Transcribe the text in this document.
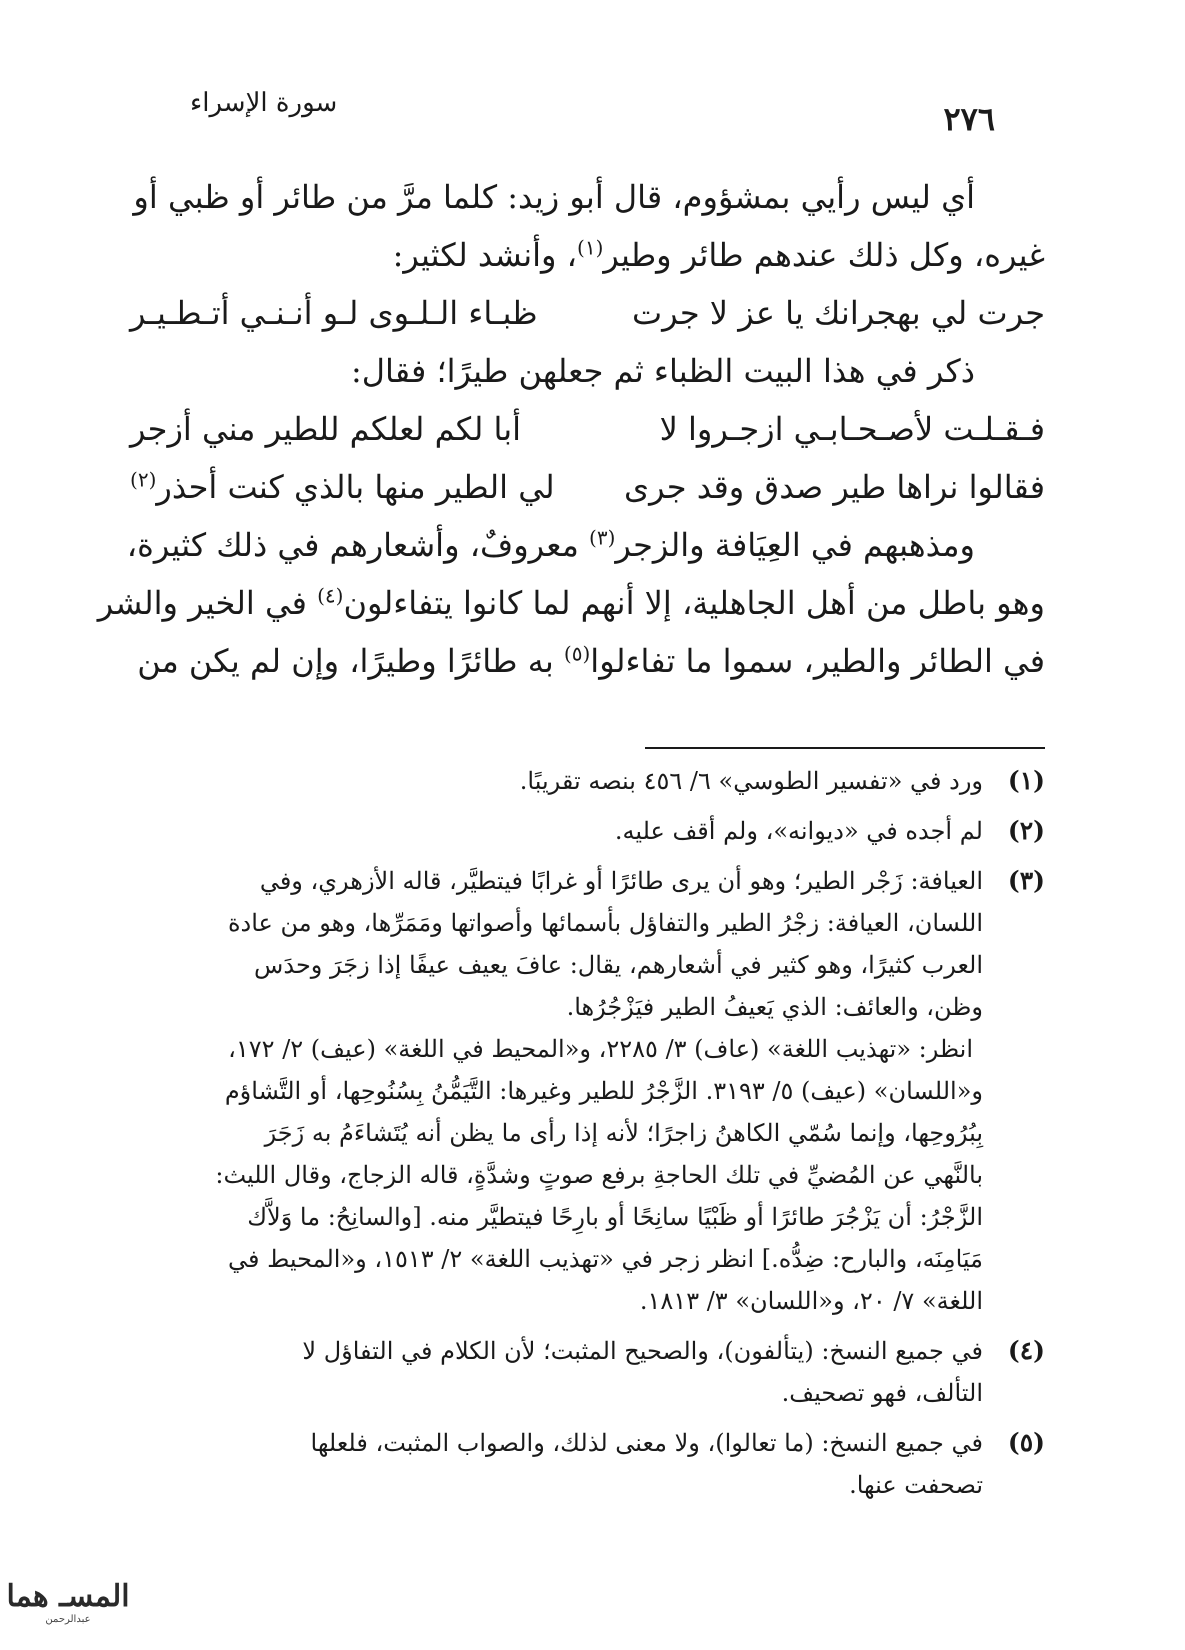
٢٧٦
سورة الإسراء
أي ليس رأيي بمشؤوم، قال أبو زيد: كلما مرَّ من طائر أو ظبي أو
غيره، وكل ذلك عندهم طائر وطير$^{(١)}$، وأنشد لكثير:
جرت لي بهجرانك يا عز لا جرت
ظبـاء الـلـوى لـو أنـنـي أتـطـيـر
ذكر في هذا البيت الظباء ثم جعلهن طيرًا؛ فقال:
فـقـلـت لأصـحـابـي ازجـروا لا
أبا لكم لعلكم للطير مني أزجر
فقالوا نراها طير صدق وقد جرى
لي الطير منها بالذي كنت أحذر$^{(٢)}$
ومذهبهم في العِيَافة والزجر$^{(٣)}$ معروفٌ، وأشعارهم في ذلك كثيرة،
وهو باطل من أهل الجاهلية، إلا أنهم لما كانوا يتفاءلون$^{(٤)}$ في الخير والشر
في الطائر والطير، سموا ما تفاءلوا$^{(٥)}$ به طائرًا وطيرًا، وإن لم يكن من
(١)
ورد في «تفسير الطوسي» ٦/ ٤٥٦ بنصه تقريبًا.
(٢)
لم أجده في «ديوانه»، ولم أقف عليه.
(٣)
العيافة: زَجْر الطير؛ وهو أن يرى طائرًا أو غرابًا فيتطيَّر، قاله الأزهري، وفي
اللسان، العيافة: زجْرُ الطير والتفاؤل بأسمائها وأصواتها ومَمَرِّها، وهو من عادة
العرب كثيرًا، وهو كثير في أشعارهم، يقال: عافَ يعيف عيفًا إذا زجَرَ وحدَس
وظن، والعائف: الذي يَعيفُ الطير فيَزْجُرُها.
انظر: «تهذيب اللغة» (عاف) ٣/ ٢٢٨٥، و«المحيط في اللغة» (عيف) ٢/ ١٧٢،
و«اللسان» (عيف) ٥/ ٣١٩٣. الزَّجْرُ للطير وغيرها: التَّيَمُّنُ بِسُنُوحِها، أو التَّشاؤم
بِبُرُوحِها، وإنما سُمّي الكاهنُ زاجرًا؛ لأنه إذا رأى ما يظن أنه يُتَشاءَمُ به زَجَرَ
بالنَّهي عن المُضيِّ في تلك الحاجةِ برفع صوتٍ وشدَّةٍ، قاله الزجاج، وقال الليث:
الزَّجْرُ: أن يَزْجُرَ طائرًا أو ظَبْيًا سانِحًا أو بارِحًا فيتطيَّر منه. [والسانِحُ: ما وَلاَّك
مَيَامِنَه، والبارح: ضِدُّه.] انظر زجر في «تهذيب اللغة» ٢/ ١٥١٣، و«المحيط في
اللغة» ٧/ ٢٠، و«اللسان» ٣/ ١٨١٣.
(٤)
في جميع النسخ: (يتألفون)، والصحيح المثبت؛ لأن الكلام في التفاؤل لا
التألف، فهو تصحيف.
(٥)
في جميع النسخ: (ما تعالوا)، ولا معنى لذلك، والصواب المثبت، فلعلها
تصحفت عنها.
المسـ هما
عبدالرحمن
